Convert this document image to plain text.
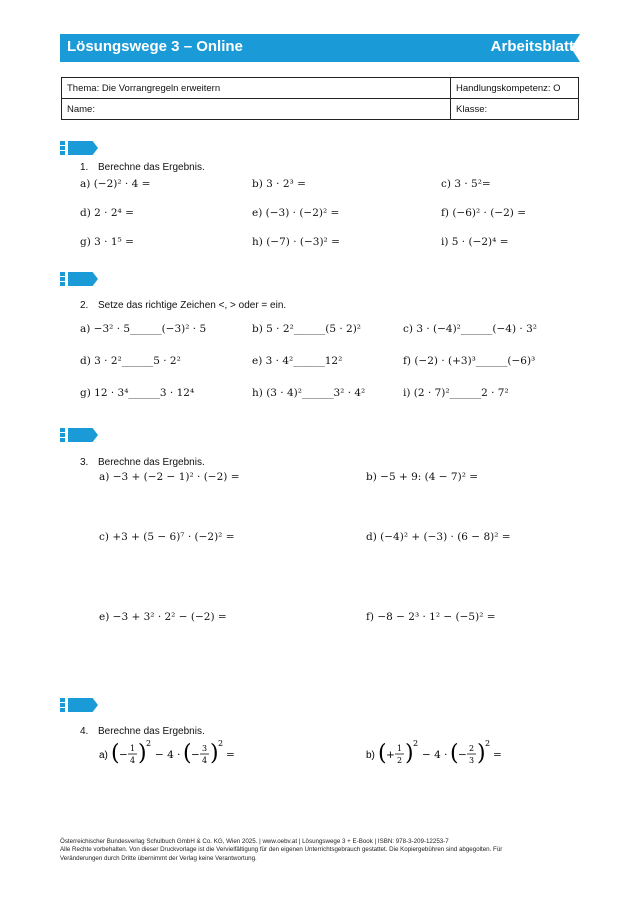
Lösungswege 3 – Online	Arbeitsblatt
Thema: Die Vorrangregeln erweitern	Handlungskompetenz: O
Name:	Klasse:
1. Berechne das Ergebnis.
a) (−2)² · 4 =	b) 3 · 2³ =	c) 3 · 5²=
d) 2 · 2⁴ =	e) (−3) · (−2)² =	f) (−6)² · (−2) =
g) 3 · 1⁵ =	h) (−7) · (−3)² =	i) 5 · (−2)⁴ =
2. Setze das richtige Zeichen <, > oder = ein.
a) −3² · 5______(−3)² · 5	b) 5 · 2²______(5 · 2)²	c) 3 · (−4)²______(−4) · 3²
d) 3 · 2²______5 · 2²	e) 3 · 4²______12²	f) (−2) · (+3)³______(−6)³
g) 12 · 3⁴______3 · 12⁴	h) (3 · 4)²______3² · 4²	i) (2 · 7)²______2 · 7²
3. Berechne das Ergebnis.
a) −3 + (−2 − 1)² · (−2) =	b) −5 + 9: (4 − 7)² =
c) +3 + (5 − 6)⁷ · (−2)² =	d) (−4)² + (−3) · (6 − 8)² =
e) −3 + 3² · 2² − (−2) =	f) −8 − 2³ · 1² − (−5)² =
4. Berechne das Ergebnis.
a) ( −
1
4 ) 2
− 4 · ( −
3
4 ) 2
=	b) ( +
1
2 ) 2
− 4 · ( −
2
3 ) 2
=
Österreichischer Bundesverlag Schulbuch GmbH & Co. KG, Wien 2025. | www.oebv.at | Lösungswege 3 + E-Book | ISBN: 978-3-209-12253-7
Alle Rechte vorbehalten. Von dieser Druckvorlage ist die Vervielfältigung für den eigenen Unterrichtsgebrauch gestattet. Die Kopiergebühren sind abgegolten. Für
Veränderungen durch Dritte übernimmt der Verlag keine Verantwortung.
